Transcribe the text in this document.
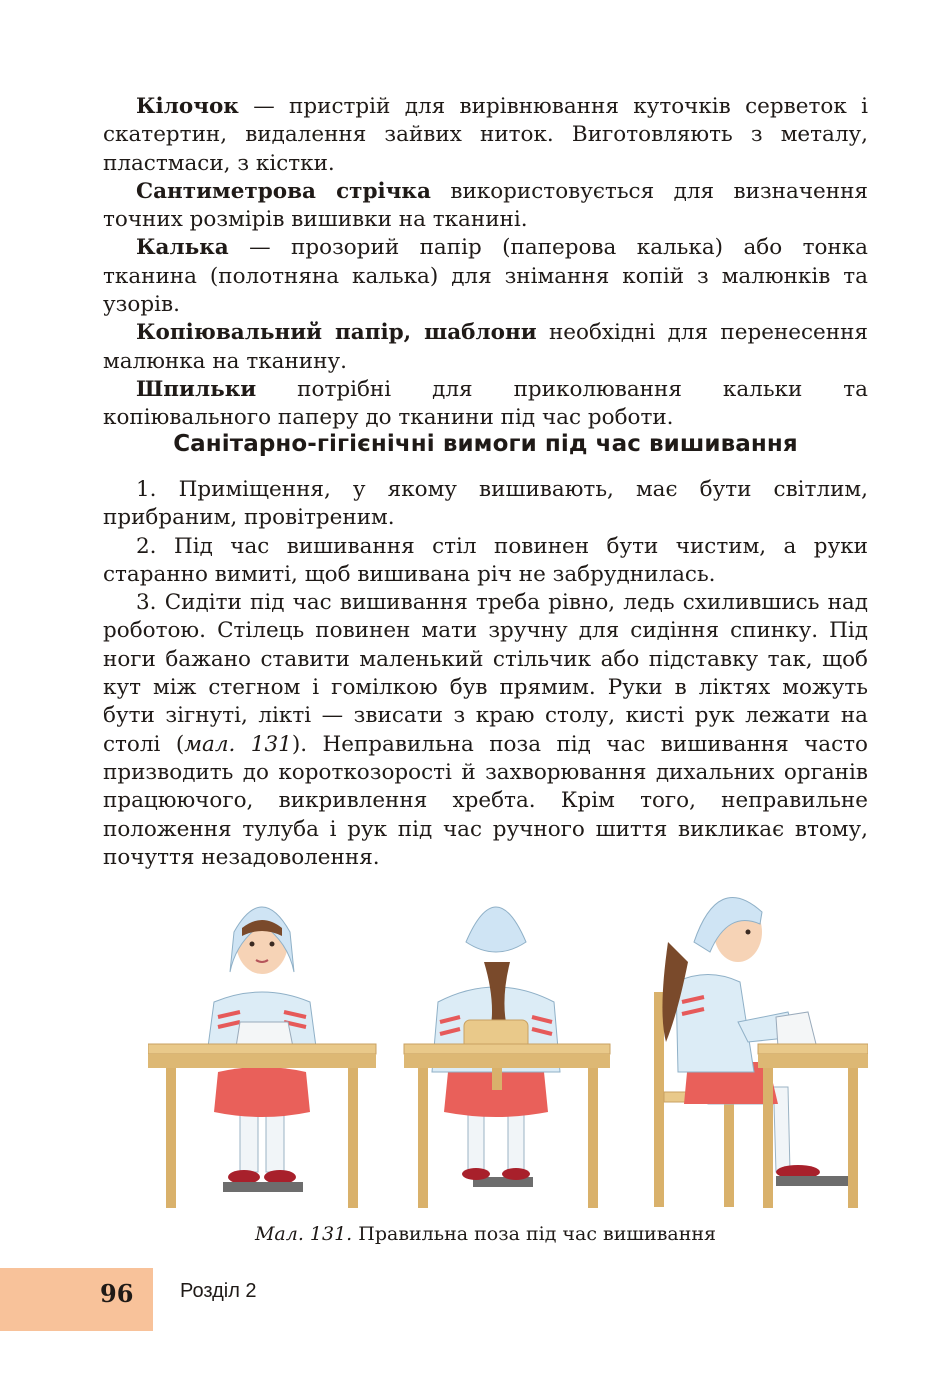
Кілочок — пристрій для вирівнювання куточків серветок і скатертин, видалення зайвих ниток. Виготовляють з металу, пластмаси, з кістки.

Сантиметрова стрічка використовується для визначення точних розмірів вишивки на тканині.

Калька — прозорий папір (паперова калька) або тонка тканина (полотняна калька) для знімання копій з малюнків та узорів.

Копіювальний папір, шаблони необхідні для перенесення малюнка на тканину.

Шпильки потрібні для приколювання кальки та копіювального паперу до тканини під час роботи.

Санітарно-гігієнічні вимоги під час вишивання

1. Приміщення, у якому вишивають, має бути світлим, прибраним, провітреним.

2. Під час вишивання стіл повинен бути чистим, а руки старанно вимиті, щоб вишивана річ не забруднилась.

3. Сидіти під час вишивання треба рівно, ледь схилившись над роботою. Стілець повинен мати зручну для сидіння спинку. Під ноги бажано ставити маленький стільчик або підставку так, щоб кут між стегном і гомілкою був прямим. Руки в ліктях можуть бути зігнуті, лікті — звисати з краю столу, кисті рук лежати на столі (мал. 131). Неправильна поза під час вишивання часто призводить до короткозорості й захворювання дихальних органів працюючого, викривлення хребта. Крім того, неправильне положення тулуба і рук під час ручного шиття викликає втому, почуття незадоволення.

Мал. 131. Правильна поза під час вишивання
96 Розділ 2
